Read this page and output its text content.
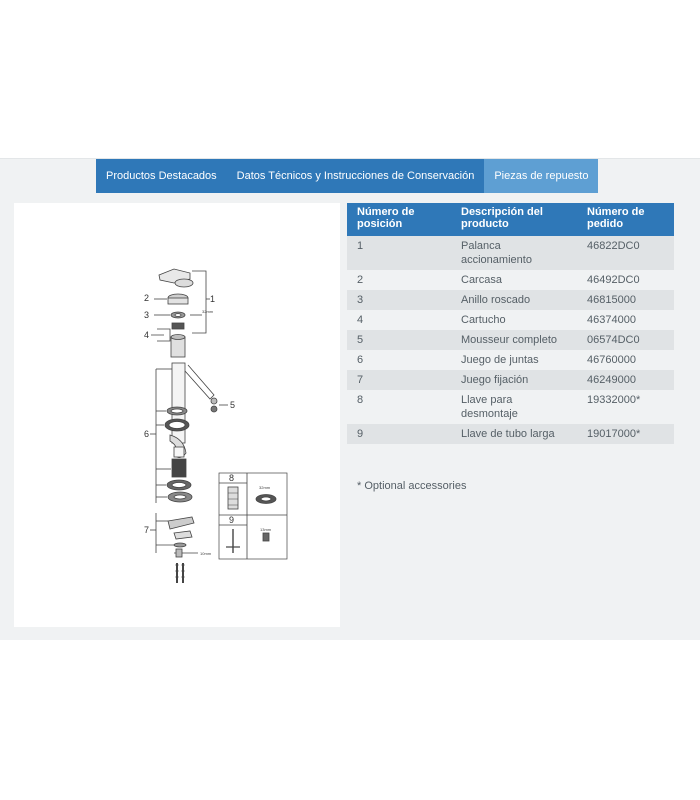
Productos Destacados	Datos Técnicos y Instrucciones de Conservación	Piezas de repuesto
2	1
3
4
5
6
7
8
9
32mm
32mm
13mm
10mm
Número de posición	Descripción del producto	Número de pedido
1	Palanca accionamiento	46822DC0
2	Carcasa	46492DC0
3	Anillo roscado	46815000
4	Cartucho	46374000
5	Mousseur completo	06574DC0
6	Juego de juntas	46760000
7	Juego fijación	46249000
8	Llave para desmontaje	19332000*
9	Llave de tubo larga	19017000*
* Optional accessories
